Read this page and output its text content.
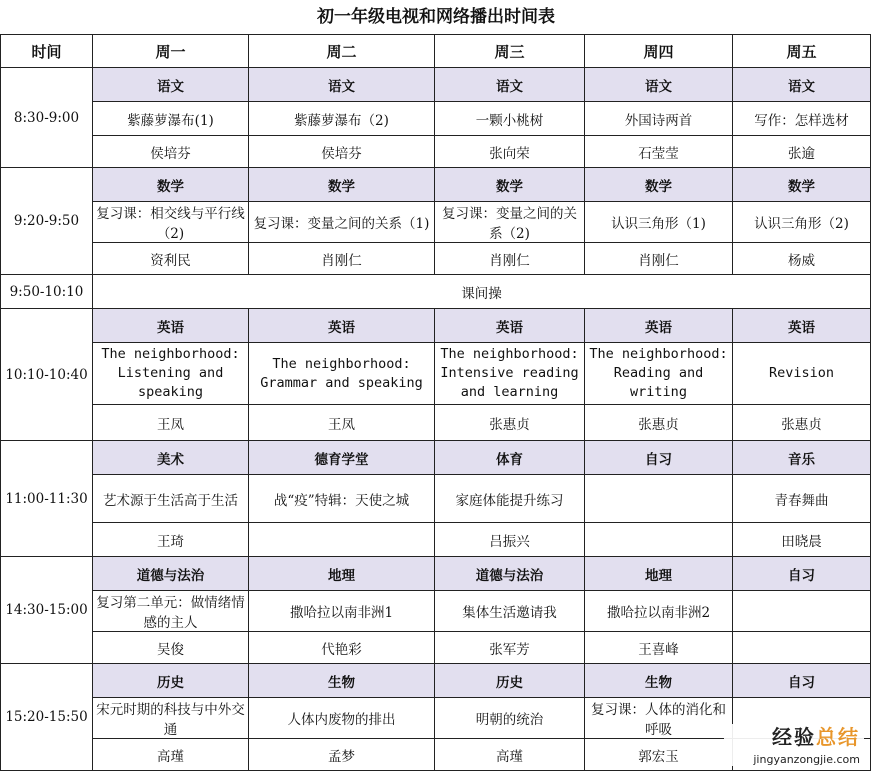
初一年级电视和网络播出时间表
时间	周一	周二	周三	周四	周五
8:30-9:00	语文	语文	语文	语文	语文
	紫藤萝瀑布(1)	紫藤萝瀑布（2)	一颗小桃树	外国诗两首	写作：怎样选材
	侯培芬	侯培芬	张向荣	石莹莹	张逾
9:20-9:50	数学	数学	数学	数学	数学
	复习课：相交线与平行线（2)	复习课：变量之间的关系（1)	复习课：变量之间的关系（2)	认识三角形（1)	认识三角形（2)
	资利民	肖刚仁	肖刚仁	肖刚仁	杨威
9:50-10:10	课间操				
10:10-10:40	英语	英语	英语	英语	英语
	The neighborhood: Listening and speaking	The neighborhood: Grammar and speaking	The neighborhood: Intensive reading and learning	The neighborhood: Reading and writing	Revision
	王凤	王凤	张惠贞	张惠贞	张惠贞
11:00-11:30	美术	德育学堂	体育	自习	音乐
	艺术源于生活高于生活	战“疫”特辑：天使之城	家庭体能提升练习		青春舞曲
	王琦		吕振兴		田晓晨
14:30-15:00	道德与法治	地理	道德与法治	地理	自习
	复习第二单元：做情绪情感的主人	撒哈拉以南非洲1	集体生活邀请我	撒哈拉以南非洲2	
	吴俊	代艳彩	张军芳	王喜峰	
15:20-15:50	历史	生物	历史	生物	自习
	宋元时期的科技与中外交通	人体内废物的排出	明朝的统治	复习课：人体的消化和呼吸	
	高瑾	孟梦	高瑾	郭宏玉	
经验总结
jingyanzongjie.com
